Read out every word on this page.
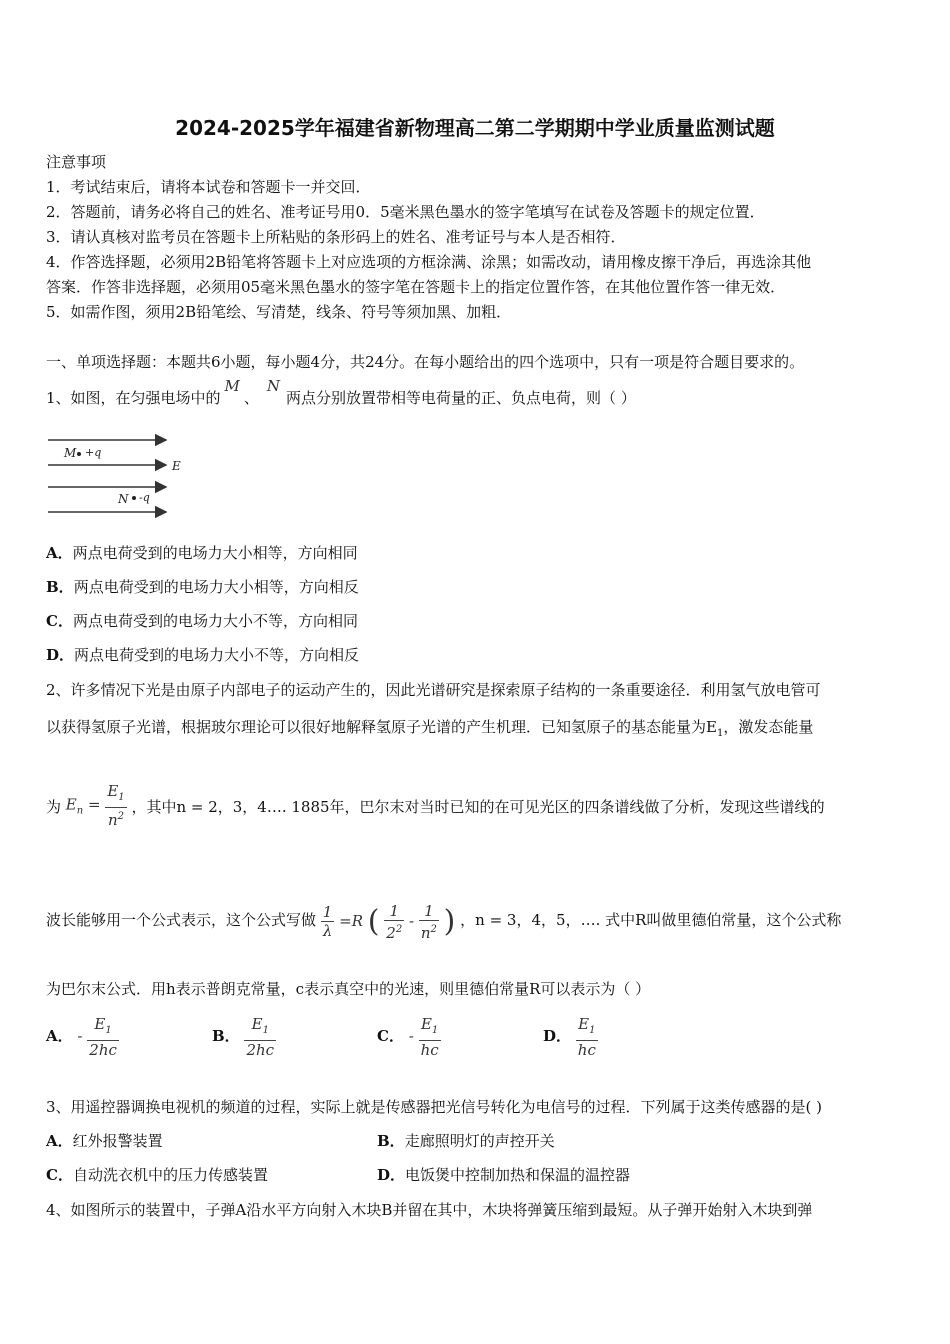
2024-2025学年福建省新物理高二第二学期期中学业质量监测试题
注意事项
1．考试结束后，请将本试卷和答题卡一并交回．
2．答题前，请务必将自己的姓名、准考证号用0．5毫米黑色墨水的签字笔填写在试卷及答题卡的规定位置．
3．请认真核对监考员在答题卡上所粘贴的条形码上的姓名、准考证号与本人是否相符．
4．作答选择题，必须用2B铅笔将答题卡上对应选项的方框涂满、涂黑；如需改动，请用橡皮擦干净后，再选涂其他
答案．作答非选择题，必须用05毫米黑色墨水的签字笔在答题卡上的指定位置作答，在其他位置作答一律无效．
5．如需作图，须用2B铅笔绘、写清楚，线条、符号等须加黑、加粗．
一、单项选择题：本题共6小题，每小题4分，共24分。在每小题给出的四个选项中，只有一项是符合题目要求的。
1、如图，在匀强电场中的M、N两点分别放置带相等电荷量的正、负点电荷，则（ ）
M +q
E
N -q
A．两点电荷受到的电场力大小相等，方向相同
B．两点电荷受到的电场力大小相等，方向相反
C．两点电荷受到的电场力大小不等，方向相同
D．两点电荷受到的电场力大小不等，方向相反
2、许多情况下光是由原子内部电子的运动产生的，因此光谱研究是探索原子结构的一条重要途径．利用氢气放电管可
以获得氢原子光谱，根据玻尔理论可以很好地解释氢原子光谱的产生机理．已知氢原子的基态能量为$E_1$，激发态能量
为 $E_n = \frac{E_1}{n^2}$ ，其中n = 2，3，4…. 1885年，巴尔末对当时已知的在可见光区的四条谱线做了分析，发现这些谱线的
波长能够用一个公式表示，这个公式写做 $\frac{1}{\lambda} =R$ ( $\frac{1}{2^2} - \frac{1}{n^2}$ ) ，n = 3，4，5，…. 式中R叫做里德伯常量，这个公式称
为巴尔末公式．用h表示普朗克常量，c表示真空中的光速，则里德伯常量R可以表示为（ ）
A． - $\frac{E_1}{2hc}$	B． $\frac{E_1}{2hc}$	C． - $\frac{E_1}{hc}$	D． $\frac{E_1}{hc}$
3、用遥控器调换电视机的频道的过程，实际上就是传感器把光信号转化为电信号的过程．下列属于这类传感器的是( )
A．红外报警装置	B．走廊照明灯的声控开关
C．自动洗衣机中的压力传感装置	D．电饭煲中控制加热和保温的温控器
4、如图所示的装置中，子弹A沿水平方向射入木块B并留在其中，木块将弹簧压缩到最短。从子弹开始射入木块到弹
